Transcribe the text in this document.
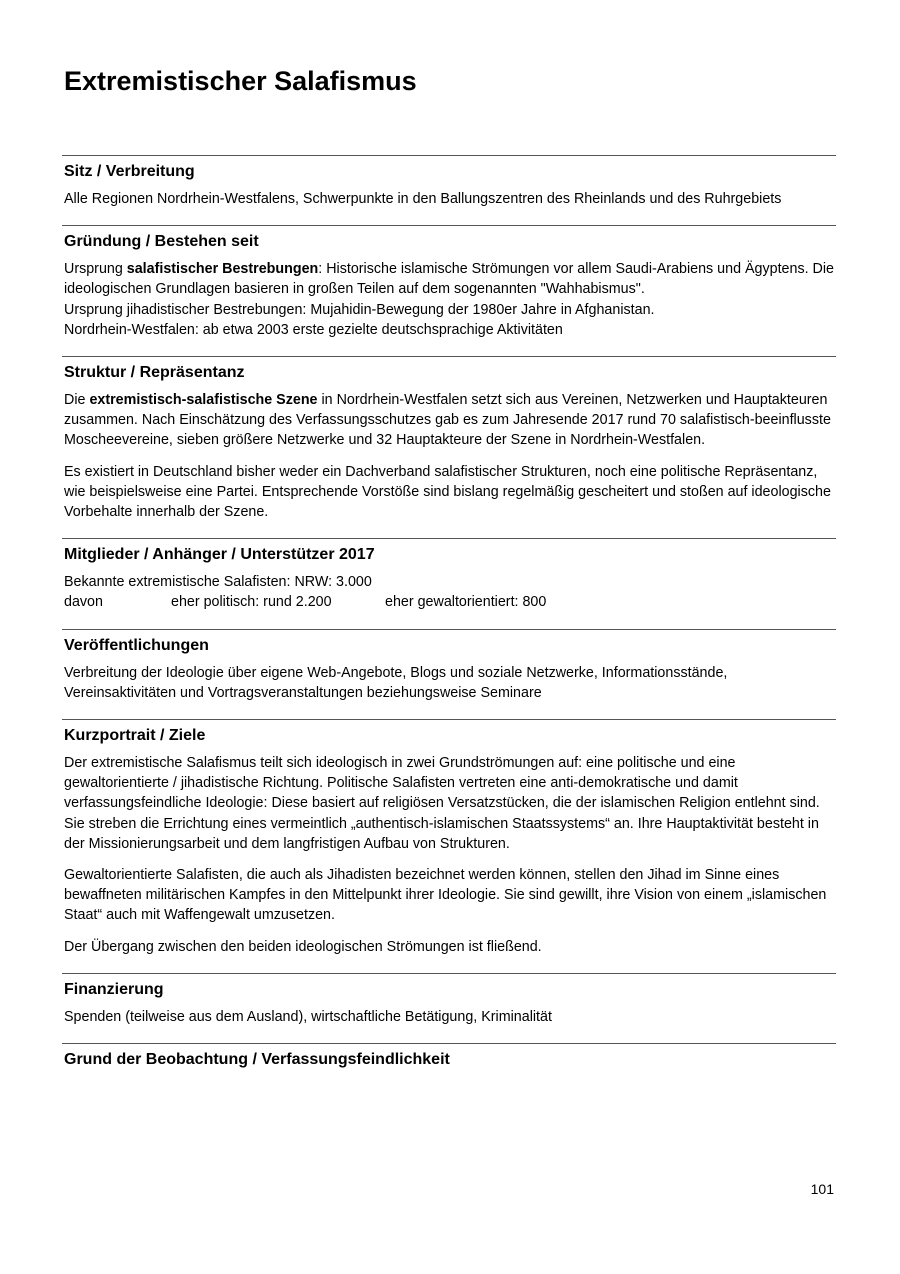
Extremistischer Salafismus
Sitz / Verbreitung

Alle Regionen Nordrhein-Westfalens, Schwerpunkte in den Ballungszentren des Rheinlands und des Ruhrgebiets

Gründung / Bestehen seit

Ursprung salafistischer Bestrebungen: Historische islamische Strömungen vor allem Saudi-Arabiens und Ägyptens. Die ideologischen Grundlagen basieren in großen Teilen auf dem sogenannten "Wahhabismus".
Ursprung jihadistischer Bestrebungen: Mujahidin-Bewegung der 1980er Jahre in Afghanistan.
Nordrhein-Westfalen: ab etwa 2003 erste gezielte deutschsprachige Aktivitäten

Struktur / Repräsentanz

Die extremistisch-salafistische Szene in Nordrhein-Westfalen setzt sich aus Vereinen, Netzwerken und Hauptakteuren zusammen. Nach Einschätzung des Verfassungsschutzes gab es zum Jahresende 2017 rund 70 salafistisch-beeinflusste Moscheevereine, sieben größere Netzwerke und 32 Hauptakteure der Szene in Nordrhein-Westfalen.

Es existiert in Deutschland bisher weder ein Dachverband salafistischer Strukturen, noch eine politische Repräsentanz, wie beispielsweise eine Partei. Entsprechende Vorstöße sind bislang regelmäßig gescheitert und stoßen auf ideologische Vorbehalte innerhalb der Szene.

Mitglieder / Anhänger / Unterstützer 2017
Bekannte extremistische Salafisten: NRW: 3.000
davon	eher politisch: rund 2.200	eher gewaltorientiert: 800
Veröffentlichungen

Verbreitung der Ideologie über eigene Web-Angebote, Blogs und soziale Netzwerke, Informationsstände, Vereinsaktivitäten und Vortragsveranstaltungen beziehungsweise Seminare

Kurzportrait / Ziele

Der extremistische Salafismus teilt sich ideologisch in zwei Grundströmungen auf: eine politische und eine gewaltorientierte / jihadistische Richtung. Politische Salafisten vertreten eine anti-demokratische und damit verfassungsfeindliche Ideologie: Diese basiert auf religiösen Versatzstücken, die der islamischen Religion entlehnt sind. Sie streben die Errichtung eines vermeintlich „authentisch-islamischen Staatssystems“ an. Ihre Hauptaktivität besteht in der Missionierungsarbeit und dem langfristigen Aufbau von Strukturen.

Gewaltorientierte Salafisten, die auch als Jihadisten bezeichnet werden können, stellen den Jihad im Sinne eines bewaffneten militärischen Kampfes in den Mittelpunkt ihrer Ideologie. Sie sind gewillt, ihre Vision von einem „islamischen Staat“ auch mit Waffengewalt umzusetzen.

Der Übergang zwischen den beiden ideologischen Strömungen ist fließend.

Finanzierung

Spenden (teilweise aus dem Ausland), wirtschaftliche Betätigung, Kriminalität

Grund der Beobachtung / Verfassungsfeindlichkeit
101
